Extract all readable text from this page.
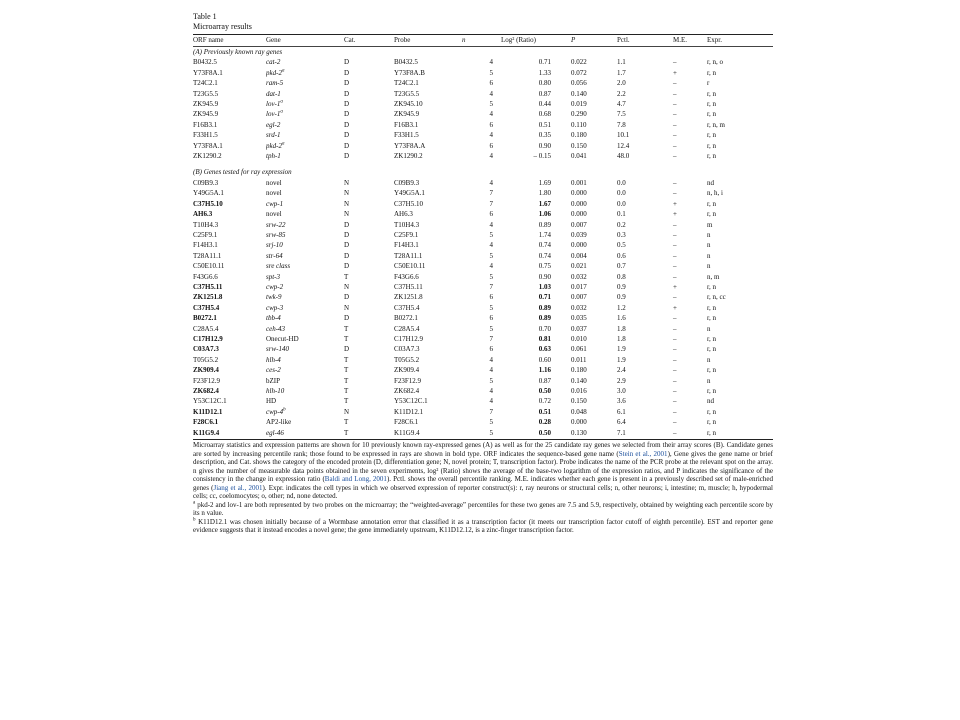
Table 1

Microarray results

ORF name	Gene	Cat.	Probe	n	Log² (Ratio)	P	Pctl.	M.E.	Expr.

(A) Previously known ray genes									
B0432.5	cat-2	D	B0432.5	4	0.71	0.022	1.1	–	r, n, o
Y73F8A.1	pkd-2$^a$	D	Y73F8A.B	5	1.33	0.072	1.7	+	r, n
T24C2.1	ram-5	D	T24C2.1	6	0.80	0.056	2.0	–	r
T23G5.5	dat-1	D	T23G5.5	4	0.87	0.140	2.2	–	r, n
ZK945.9	lov-1$^a$	D	ZK945.10	5	0.44	0.019	4.7	–	r, n
ZK945.9	lov-1$^a$	D	ZK945.9	4	0.68	0.290	7.5	–	r, n
F16B3.1	egl-2	D	F16B3.1	6	0.51	0.110	7.8	–	r, n, m
F33H1.5	srd-1	D	F33H1.5	4	0.35	0.180	10.1	–	r, n
Y73F8A.1	pkd-2$^a$	D	Y73F8A.A	6	0.90	0.150	12.4	–	r, n
ZK1290.2	tph-1	D	ZK1290.2	4	– 0.15	0.041	48.0	–	r, n

(B) Genes tested for ray expression									
C09B9.3	novel	N	C09B9.3	4	1.69	0.001	0.0	–	nd
Y49G5A.1	novel	N	Y49G5A.1	7	1.80	0.000	0.0	–	n, h, i
C37H5.10	cwp-1	N	C37H5.10	7	1.67	0.000	0.0	+	r, n
AH6.3	novel	N	AH6.3	6	1.06	0.000	0.1	+	r, n
T10H4.3	srw-22	D	T10H4.3	4	0.89	0.007	0.2	–	m
C25F9.1	srw-85	D	C25F9.1	5	1.74	0.039	0.3	–	n
F14H3.1	srj-10	D	F14H3.1	4	0.74	0.000	0.5	–	n
T28A11.1	str-64	D	T28A11.1	5	0.74	0.004	0.6	–	n
C50E10.11	sre class	D	C50E10.11	4	0.75	0.021	0.7	–	n
F43G6.6	spt-3	T	F43G6.6	5	0.90	0.032	0.8	–	n, m
C37H5.11	cwp-2	N	C37H5.11	7	1.03	0.017	0.9	+	r, n
ZK1251.8	twk-9	D	ZK1251.8	6	0.71	0.007	0.9	–	r, n, cc
C37H5.4	cwp-3	N	C37H5.4	5	0.89	0.032	1.2	+	r, n
B0272.1	tbb-4	D	B0272.1	6	0.89	0.035	1.6	–	r, n
C28A5.4	ceh-43	T	C28A5.4	5	0.70	0.037	1.8	–	n
C17H12.9	Onecut-HD	T	C17H12.9	7	0.81	0.010	1.8	–	r, n
C03A7.3	srw-140	D	C03A7.3	6	0.63	0.061	1.9	–	r, n
T05G5.2	hlh-4	T	T05G5.2	4	0.60	0.011	1.9	–	n
ZK909.4	ces-2	T	ZK909.4	4	1.16	0.180	2.4	–	r, n
F23F12.9	bZIP	T	F23F12.9	5	0.87	0.140	2.9	–	n
ZK682.4	hlh-10	T	ZK682.4	4	0.50	0.016	3.0	–	r, n
Y53C12C.1	HD	T	Y53C12C.1	4	0.72	0.150	3.6	–	nd
K11D12.1	cwp-4$^b$	N	K11D12.1	7	0.51	0.048	6.1	–	r, n
F28C6.1	AP2-like	T	F28C6.1	5	0.28	0.000	6.4	–	r, n
K11G9.4	egl-46	T	K11G9.4	5	0.50	0.130	7.1	–	r, n

Microarray statistics and expression patterns are shown for 10 previously known ray-expressed genes (A) as well as for the 25 candidate ray genes we selected from their array scores (B). Candidate genes are sorted by increasing percentile rank; those found to be expressed in rays are shown in bold type. ORF indicates the sequence-based gene name (Stein et al., 2001), Gene gives the gene name or brief description, and Cat. shows the category of the encoded protein (D, differentiation gene; N, novel protein; T, transcription factor). Probe indicates the name of the PCR probe at the relevant spot on the array. n gives the number of measurable data points obtained in the seven experiments, log² (Ratio) shows the average of the base-two logarithm of the expression ratios, and P indicates the significance of the consistency in the change in expression ratio (Baldi and Long, 2001). Pctl. shows the overall percentile ranking. M.E. indicates whether each gene is present in a previously described set of male-enriched genes (Jiang et al., 2001). Expr. indicates the cell types in which we observed expression of reporter construct(s): r, ray neurons or structural cells; n, other neurons; i, intestine; m, muscle; h, hypodermal cells; cc, coelomocytes; o, other; nd, none detected.

$^a$ pkd-2 and lov-1 are both represented by two probes on the microarray; the “weighted-average” percentiles for these two genes are 7.5 and 5.9, respectively, obtained by weighting each percentile score by its n value.

$^b$ K11D12.1 was chosen initially because of a Wormbase annotation error that classified it as a transcription factor (it meets our transcription factor cutoff of eighth percentile). EST and reporter gene evidence suggests that it instead encodes a novel gene; the gene immediately upstream, K11D12.12, is a zinc-finger transcription factor.
